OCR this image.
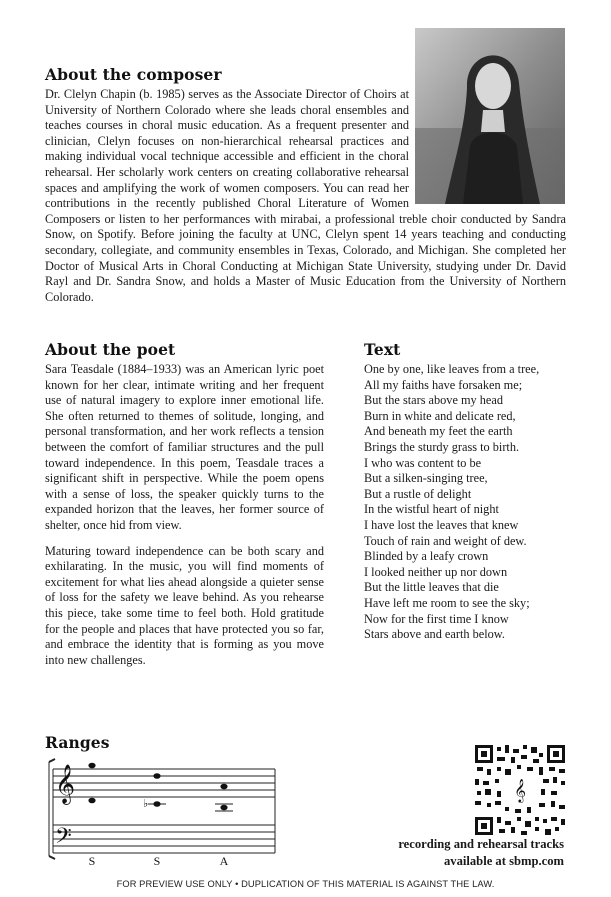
About the composer

Dr. Clelyn Chapin (b. 1985) serves as the Associate Director of Choirs at University of Northern Colorado where she leads choral ensembles and teaches courses in choral music education. As a frequent presenter and clinician, Clelyn focuses on non-hierarchical rehearsal practices and making individual vocal technique accessible and efficient in the choral rehearsal. Her scholarly work centers on creating collaborative rehearsal spaces and amplifying the work of women composers. You can read her contributions in the recently published Choral Literature of Women Composers or listen to her performances with mirabai, a professional treble choir conducted by Sandra Snow, on Spotify. Before joining the faculty at UNC, Clelyn spent 14 years teaching and conducting secondary, collegiate, and community ensembles in Texas, Colorado, and Michigan. She completed her Doctor of Musical Arts in Choral Conducting at Michigan State University, studying under Dr. David Rayl and Dr. Sandra Snow, and holds a Master of Music Education from the University of Northern Colorado.

About the poet

Sara Teasdale (1884–1933) was an American lyric poet known for her clear, intimate writing and her frequent use of natural imagery to explore inner emotional life. She often returned to themes of solitude, longing, and personal transformation, and her work reflects a tension between the comfort of familiar structures and the pull toward independence. In this poem, Teasdale traces a significant shift in perspective. While the poem opens with a sense of loss, the speaker quickly turns to the expanded horizon that the leaves, her former source of shelter, once hid from view.

Maturing toward independence can be both scary and exhilarating. In the music, you will find moments of excitement for what lies ahead alongside a quieter sense of loss for the safety we leave behind. As you rehearse this piece, take some time to feel both. Hold gratitude for the people and places that have protected you so far, and embrace the identity that is forming as you move into new challenges.

Text
One by one, like leaves from a tree,
All my faiths have forsaken me;
But the stars above my head
Burn in white and delicate red,
And beneath my feet the earth
Brings the sturdy grass to birth.
I who was content to be
But a silken-singing tree,
But a rustle of delight
In the wistful heart of night
I have lost the leaves that knew
Touch of rain and weight of dew.
Blinded by a leafy crown
I looked neither up nor down
But the little leaves that die
Have left me room to see the sky;
Now for the first time I know
Stars above and earth below.
Ranges
𝄞
𝄢
♭
S	S	A
𝄞
recording and rehearsal tracks
available at sbmp.com
FOR PREVIEW USE ONLY • DUPLICATION OF THIS MATERIAL IS AGAINST THE LAW.
